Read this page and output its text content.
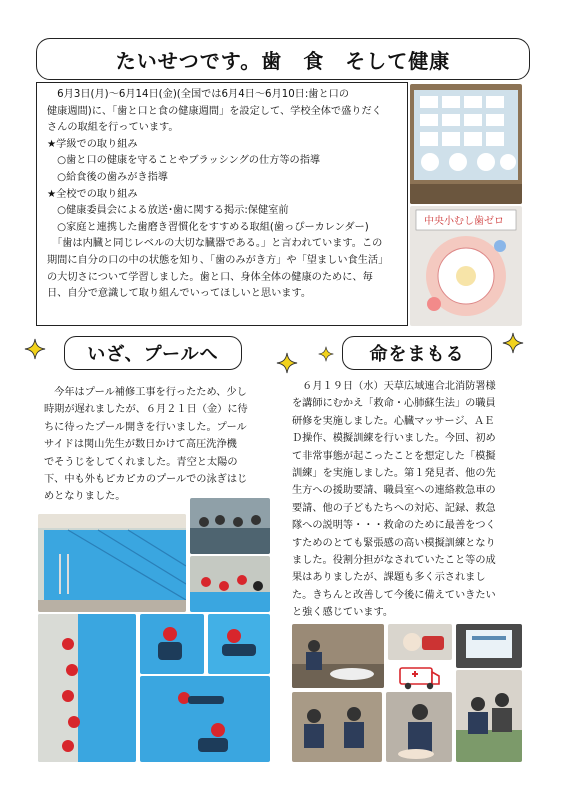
たいせつです。歯　食　そして健康

　6月3日(月)～6月14日(金)(全国では6月4日～6月10日:歯と口の

健康週間)に、「歯と口と食の健康週間」を設定して、学校全体で盛りだく

さんの取組を行っています。

★学級での取り組み

　○歯と口の健康を守ることやブラッシングの仕方等の指導

　○給食後の歯みがき指導

★全校での取り組み

　○健康委員会による放送･歯に関する掲示:保健室前

　○家庭と連携した歯磨き習慣化をすすめる取組(歯っぴーカレンダー)

　「歯は内臓と同じレベルの大切な臓器である。」と言われています。この

期間に自分の口の中の状態を知り、「歯のみがき方」や「望ましい食生活」

の大切さについて学習しました。歯と口、身体全体の健康のために、毎

日、自分で意識して取り組んでいってほしいと思います。

中央小むし歯ゼロ
いざ、プールへ	命をまもる

　今年はプール補修工事を行ったため、少し

時期が遅れましたが、６月２１日（金）に待

ちに待ったプール開きを行いました。プール

サイドは関山先生が数日かけて高圧洗浄機

でそうじをしてくれました。青空と太陽の

下、中も外もピカピカのプールでの泳ぎはじ

めとなりました。

　６月１９日（水）天草広域連合北消防署様

を講師にむかえ「救命・心肺蘇生法」の職員

研修を実施しました。心臓マッサージ、ＡＥ

Ｄ操作、模擬訓練を行いました。今回、初め

て非常事態が起こったことを想定した「模擬

訓練」を実施しました。第１発見者、他の先

生方への援助要請、職員室への連絡救急車の

要請、他の子どもたちへの対応、記録、救急

隊への説明等・・・救命のために最善をつく

すためのとても緊張感の高い模擬訓練となり

ました。役割分担がなされていたこと等の成

果はありましたが、課題も多く示されまし

た。きちんと改善して今後に備えていきたい

と強く感じています。
